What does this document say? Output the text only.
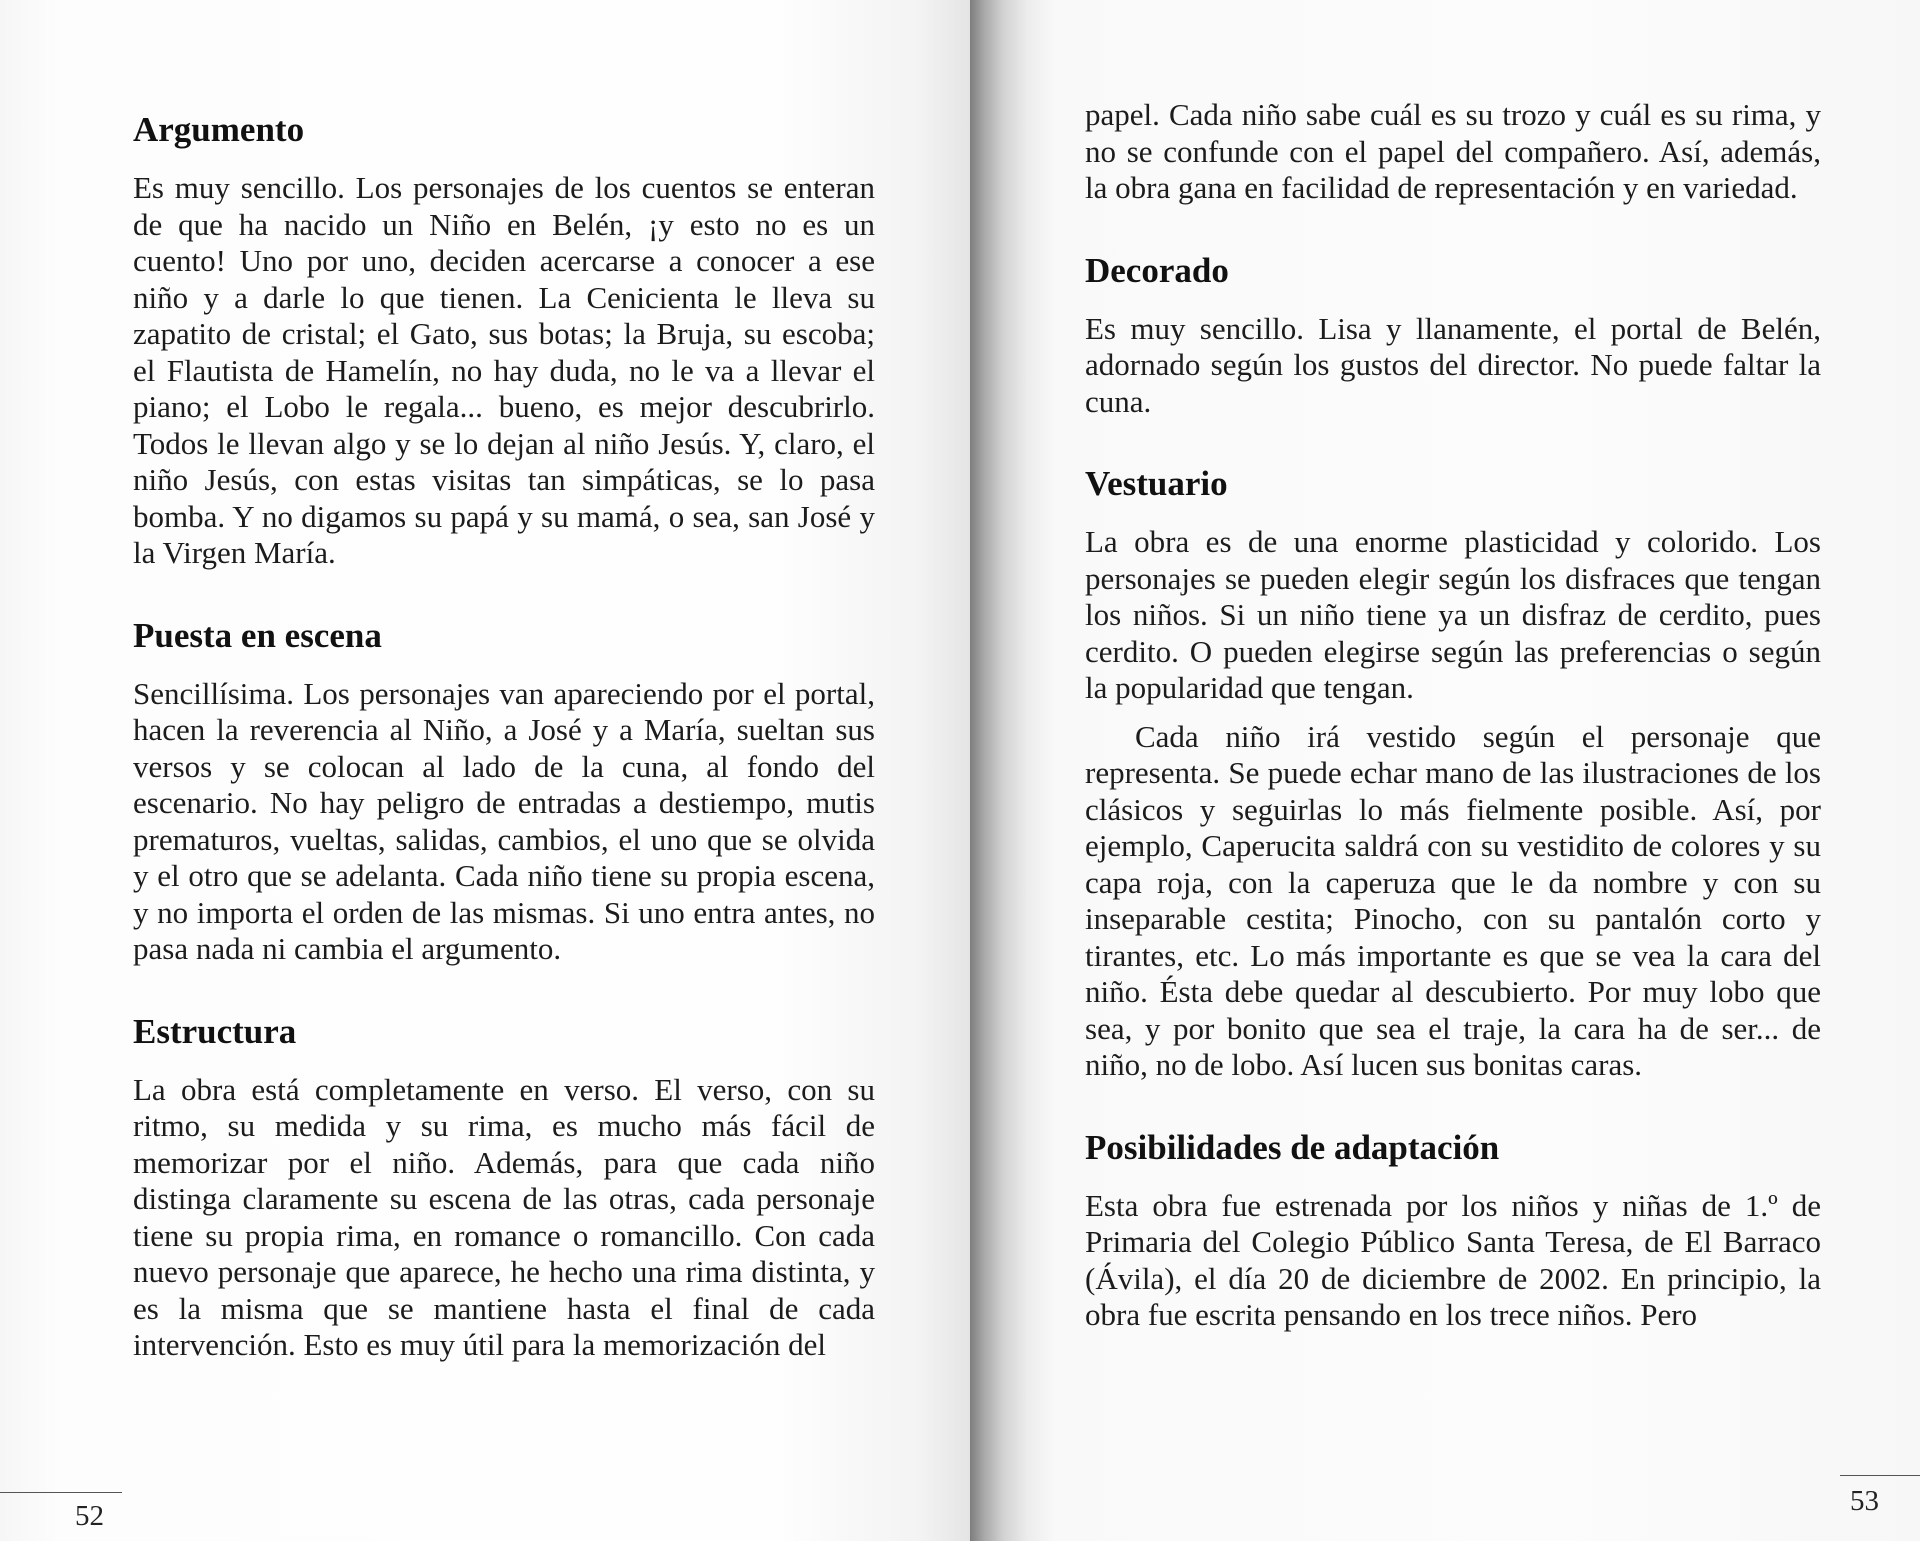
Argumento

Es muy sencillo. Los personajes de los cuentos se enteran de que ha nacido un Niño en Belén, ¡y esto no es un cuento! Uno por uno, deciden acercarse a conocer a ese niño y a darle lo que tienen. La Cenicienta le lleva su zapatito de cristal; el Gato, sus botas; la Bruja, su escoba; el Flautista de Hamelín, no hay duda, no le va a llevar el piano; el Lobo le regala... bueno, es mejor descubrirlo. Todos le llevan algo y se lo dejan al niño Jesús. Y, claro, el niño Jesús, con estas visitas tan simpáticas, se lo pasa bomba. Y no digamos su papá y su mamá, o sea, san José y la Virgen María.

Puesta en escena

Sencillísima. Los personajes van apareciendo por el portal, hacen la reverencia al Niño, a José y a María, sueltan sus versos y se colocan al lado de la cuna, al fondo del escenario. No hay peligro de entradas a destiempo, mutis prematuros, vueltas, salidas, cambios, el uno que se olvida y el otro que se adelanta. Cada niño tiene su propia escena, y no importa el orden de las mismas. Si uno entra antes, no pasa nada ni cambia el argumento.

Estructura

La obra está completamente en verso. El verso, con su ritmo, su medida y su rima, es mucho más fácil de memorizar por el niño. Además, para que cada niño distinga claramente su escena de las otras, cada personaje tiene su propia rima, en romance o romancillo. Con cada nuevo personaje que aparece, he hecho una rima distinta, y es la misma que se mantiene hasta el final de cada intervención. Esto es muy útil para la memorización del

52

papel. Cada niño sabe cuál es su trozo y cuál es su rima, y no se confunde con el papel del compañero. Así, además, la obra gana en facilidad de representación y en variedad.

Decorado

Es muy sencillo. Lisa y llanamente, el portal de Belén, adornado según los gustos del director. No puede faltar la cuna.

Vestuario

La obra es de una enorme plasticidad y colorido. Los personajes se pueden elegir según los disfraces que tengan los niños. Si un niño tiene ya un disfraz de cerdito, pues cerdito. O pueden elegirse según las preferencias o según la popularidad que tengan.

Cada niño irá vestido según el personaje que representa. Se puede echar mano de las ilustraciones de los clásicos y seguirlas lo más fielmente posible. Así, por ejemplo, Caperucita saldrá con su vestidito de colores y su capa roja, con la caperuza que le da nombre y con su inseparable cestita; Pinocho, con su pantalón corto y tirantes, etc. Lo más importante es que se vea la cara del niño. Ésta debe quedar al descubierto. Por muy lobo que sea, y por bonito que sea el traje, la cara ha de ser... de niño, no de lobo. Así lucen sus bonitas caras.

Posibilidades de adaptación

Esta obra fue estrenada por los niños y niñas de 1.º de Primaria del Colegio Público Santa Teresa, de El Barraco (Ávila), el día 20 de diciembre de 2002. En principio, la obra fue escrita pensando en los trece niños. Pero

53
